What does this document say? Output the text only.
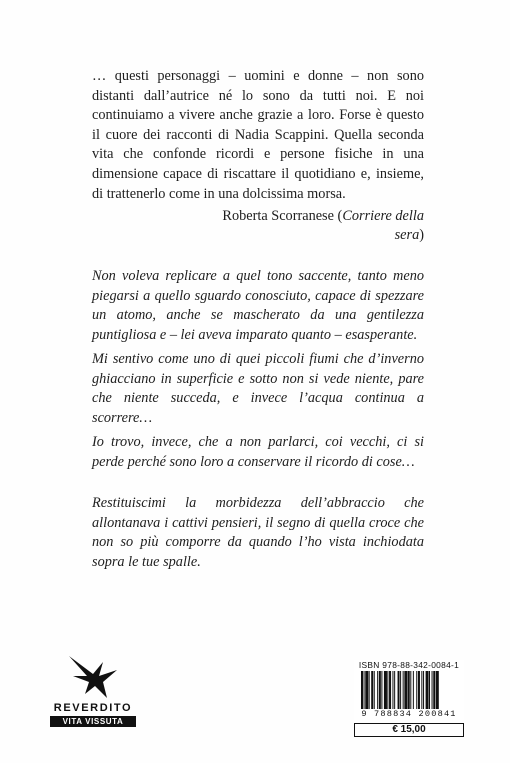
… questi personaggi – uomini e donne – non sono distanti dall’autrice né lo sono da tutti noi. E noi continuiamo a vivere anche grazie a loro. Forse è questo il cuore dei racconti di Nadia Scappini. Quella seconda vita che confonde ricordi e persone fisiche in una dimensione capace di riscattare il quotidiano e, insieme, di trattenerlo come in una dolcissima morsa.

Roberta Scorranese (Corriere della sera)

Non voleva replicare a quel tono saccente, tanto meno piegarsi a quello sguardo conosciuto, capace di spezzare un atomo, anche se mascherato da una gentilezza puntigliosa e – lei aveva imparato quanto – esasperante.

Mi sentivo come uno di quei piccoli fiumi che d’inverno ghiacciano in superficie e sotto non si vede niente, pare che niente succeda, e invece l’acqua continua a scorrere…

Io trovo, invece, che a non parlarci, coi vecchi, ci si perde perché sono loro a conservare il ricordo di cose…

Restituiscimi la morbidezza dell’abbraccio che allontanava i cattivi pensieri, il segno di quella croce che non so più comporre da quando l’ho vista inchiodata sopra le tue spalle.

REVERDITO
VITA VISSUTA
ISBN 978-88-342-0084-1
9 788834 200841
€ 15,00
